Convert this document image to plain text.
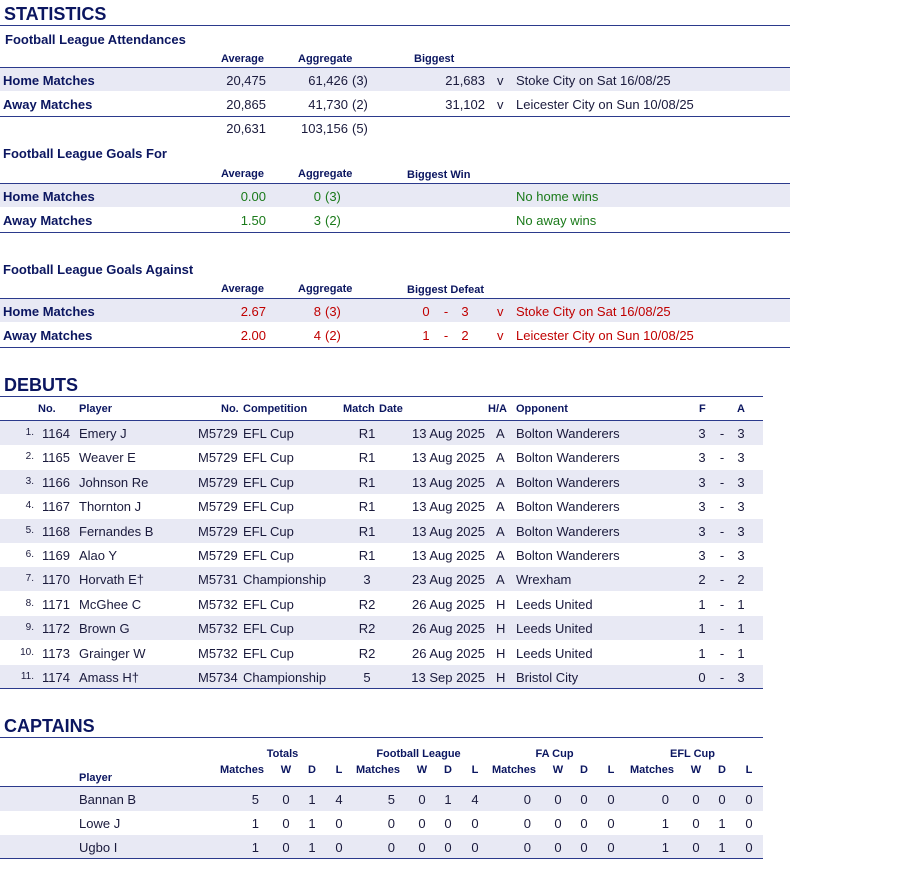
STATISTICS
Football League Attendances
Average	Aggregate	Biggest
Home Matches	20,475	61,426 (3)	21,683 v Stoke City on Sat 16/08/25
Away Matches	20,865	41,730 (2)	31,102 v Leicester City on Sun 10/08/25
20,631	103,156 (5)
Football League Goals For
Average	Aggregate	Biggest Win
Home Matches	0.00	0 (3)	No home wins
Away Matches	1.50	3 (2)	No away wins
Football League Goals Against
Average	Aggregate	Biggest Defeat
Home Matches	2.67	8 (3)	0	-	3	v Stoke City on Sat 16/08/25
Away Matches	2.00	4 (2)	1	-	2	v Leicester City on Sun 10/08/25
DEBUTS
No. Player	No. Competition	Match Date	H/A Opponent	F	A
1. 1164 Emery J	M5729 EFL Cup	R1	13 Aug 2025 A Bolton Wanderers	3	-	3
2. 1165 Weaver E	M5729 EFL Cup	R1	13 Aug 2025 A Bolton Wanderers	3	-	3
3. 1166 Johnson Re	M5729 EFL Cup	R1	13 Aug 2025 A Bolton Wanderers	3	-	3
4. 1167 Thornton J	M5729 EFL Cup	R1	13 Aug 2025 A Bolton Wanderers	3	-	3
5. 1168 Fernandes B	M5729 EFL Cup	R1	13 Aug 2025 A Bolton Wanderers	3	-	3
6. 1169 Alao Y	M5729 EFL Cup	R1	13 Aug 2025 A Bolton Wanderers	3	-	3
7. 1170 Horvath E†	M5731 Championship	3	23 Aug 2025 A Wrexham	2	-	2
8. 1171 McGhee C	M5732 EFL Cup	R2	26 Aug 2025 H Leeds United	1	-	1
9. 1172 Brown G	M5732 EFL Cup	R2	26 Aug 2025 H Leeds United	1	-	1
10. 1173 Grainger W	M5732 EFL Cup	R2	26 Aug 2025 H Leeds United	1	-	1
11. 1174 Amass H†	M5734 Championship	5	13 Sep 2025 H Bristol City	0	-	3
CAPTAINS
Totals
Matches	W	D	L
Football League
Matches	W	D	L
FA Cup
Matches	W	D	L
EFL Cup
Matches	W	D	L
Player
Bannan B	5	0	1	4	5	0	1	4	0	0	0	0	0	0	0	0
Lowe J	1	0	1	0	0	0	0	0	0	0	0	0	1	0	1	0
Ugbo I	1	0	1	0	0	0	0	0	0	0	0	0	1	0	1	0
